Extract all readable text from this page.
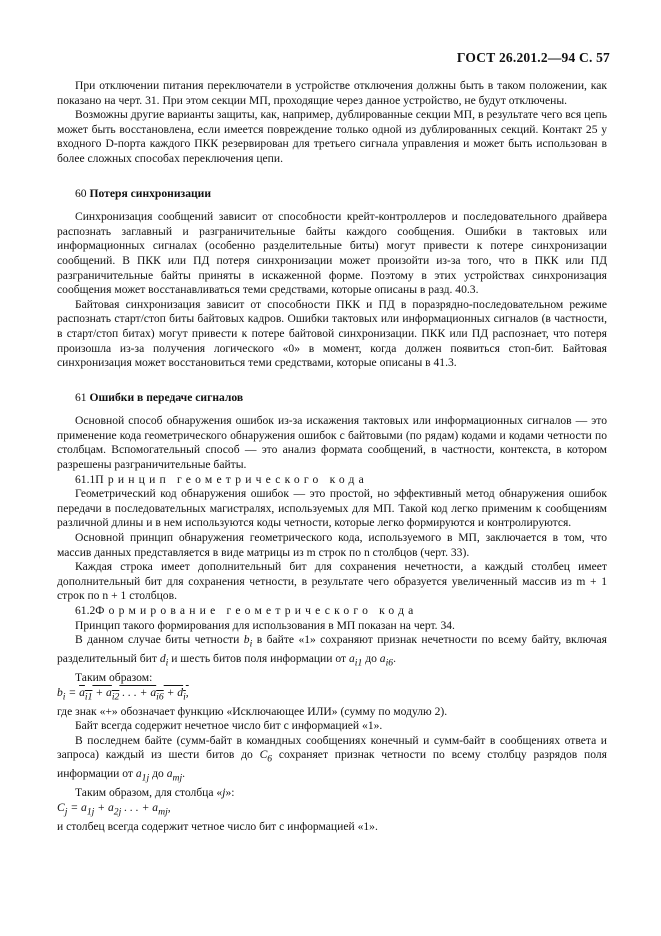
ГОСТ 26.201.2—94 С. 57

При отключении питания переключатели в устройстве отключения должны быть в таком положении, как показано на черт. 31. При этом секции МП, проходящие через данное устройство, не будут отключены.

Возможны другие варианты защиты, как, например, дублированные секции МП, в результате чего вся цепь может быть восстановлена, если имеется повреждение только одной из дублированных секций. Контакт 25 у входного D-порта каждого ПКК резервирован для третьего сигнала управления и может быть использован в более сложных способах переключения цепи.

60 Потеря синхронизации

Синхронизация сообщений зависит от способности крейт-контроллеров и последовательного драйвера распознать заглавный и разграничительные байты каждого сообщения. Ошибки в тактовых или информационных сигналах (особенно разделительные биты) могут привести к потере синхронизации сообщений. В ПКК или ПД потеря синхронизации может произойти из-за того, что в ПКК или ПД разграничительные байты приняты в искаженной форме. Поэтому в этих устройствах синхронизация сообщения может восстанавливаться теми средствами, которые описаны в разд. 40.3.

Байтовая синхронизация зависит от способности ПКК и ПД в поразрядно-последовательном режиме распознать старт/стоп биты байтовых кадров. Ошибки тактовых или информационных сигналов (в частности, в старт/стоп битах) могут привести к потере байтовой синхронизации. ПКК или ПД распознает, что потеря произошла из-за получения логического «0» в момент, когда должен появиться стоп-бит. Байтовая синхронизация может восстановиться теми средствами, которые описаны в 41.3.

61 Ошибки в передаче сигналов

Основной способ обнаружения ошибок из-за искажения тактовых или информационных сигналов — это применение кода геометрического обнаружения ошибок с байтовыми (по рядам) кодами и кодами четности по столбцам. Вспомогательный способ — это анализ формата сообщений, в частности, контекста, в котором разрешены разграничительные байты.

61.1Принцип геометрического кода

Геометрический код обнаружения ошибок — это простой, но эффективный метод обнаружения ошибок передачи в последовательных магистралях, используемых для МП. Такой код легко применим к сообщениям различной длины и в нем используются коды четности, которые легко формируются и контролируются.

Основной принцип обнаружения геометрического кода, используемого в МП, заключается в том, что массив данных представляется в виде матрицы из m строк по n столбцов (черт. 33).

Каждая строка имеет дополнительный бит для сохранения нечетности, а каждый столбец имеет дополнительный бит для сохранения четности, в результате чего образуется увеличенный массив из m + 1 строк по n + 1 столбцов.

61.2Формирование геометрического кода

Принцип такого формирования для использования в МП показан на черт. 34.

В данном случае биты четности $b_i$ в байте «1» сохраняют признак нечетности по всему байту, включая разделительный бит $d_i$ и шесть битов поля информации от $a_{i1}$ до $a_{i6}$.

Таким образом:

$b_i = a_{i1} + a_{i2}$ . . . + $a_{i6} + d_i$,

где знак «+» обозначает функцию «Исключающее ИЛИ» (сумму по модулю 2).

Байт всегда содержит нечетное число бит с информацией «1».

В последнем байте (сумм-байт в командных сообщениях конечный и сумм-байт в сообщениях ответа и запроса) каждый из шести битов до $C_6$ сохраняет признак четности по всему столбцу разрядов поля информации от $a_{1j}$ до $a_{mj}$.

Таким образом, для столбца «j»:

$C_j = a_{1j} + a_{2j}$ . . . + $a_{mj}$,

и столбец всегда содержит четное число бит с информацией «1».
